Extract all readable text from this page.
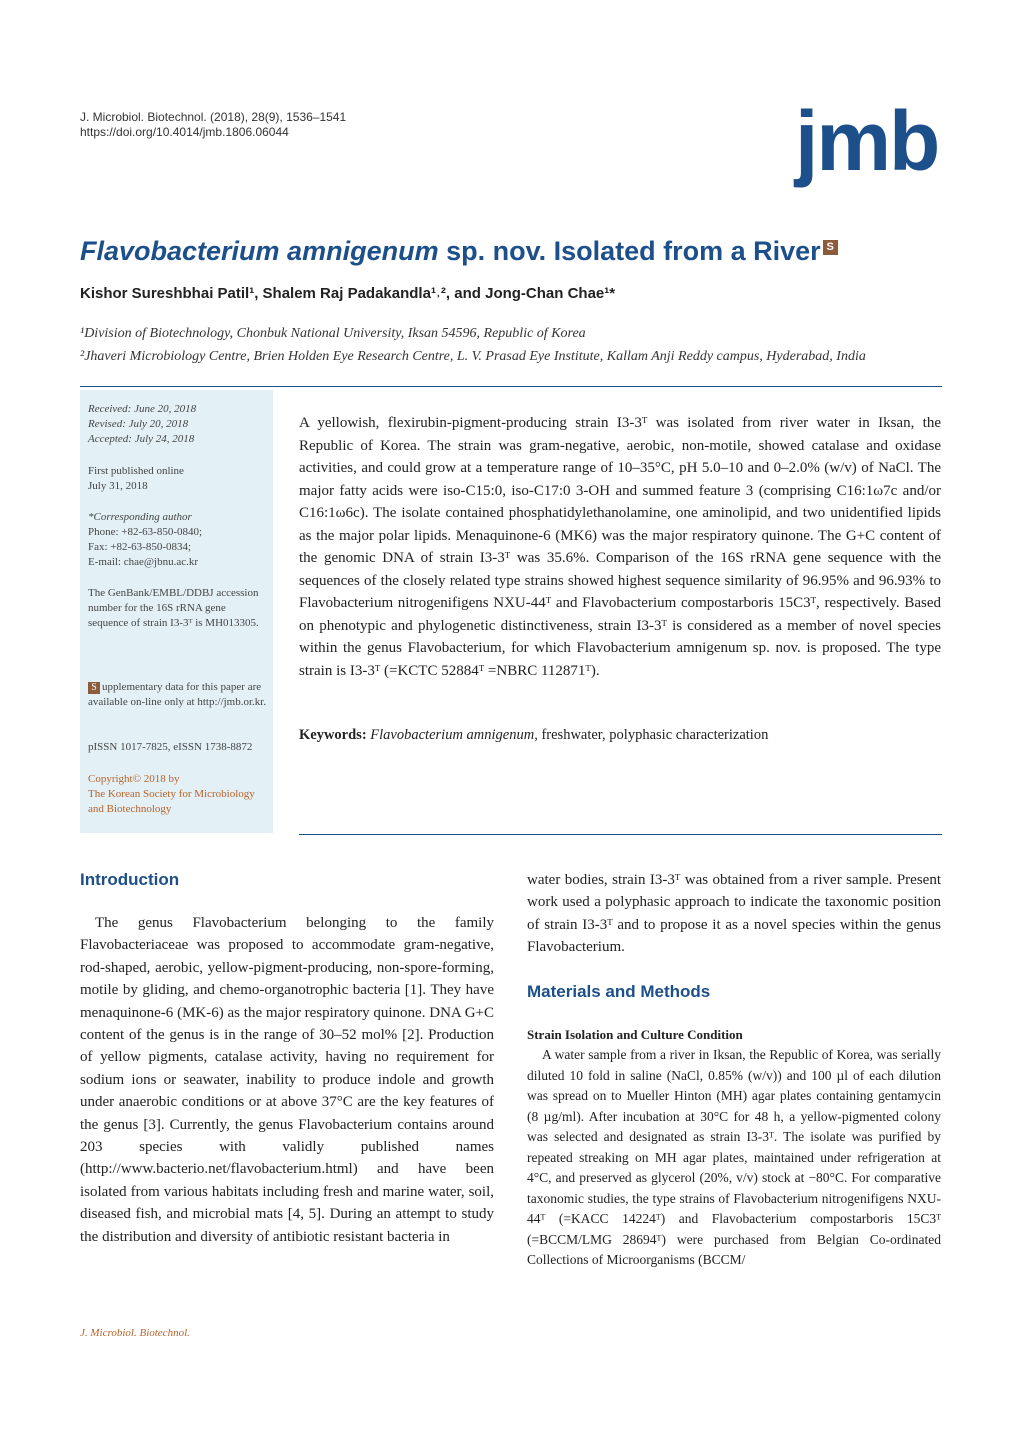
J. Microbiol. Biotechnol. (2018), 28(9), 1536–1541
https://doi.org/10.4014/jmb.1806.06044	jmb
Flavobacterium amnigenum sp. nov. Isolated from a River S
Kishor Sureshbhai Patil¹, Shalem Raj Padakandla¹˒², and Jong-Chan Chae¹*
¹Division of Biotechnology, Chonbuk National University, Iksan 54596, Republic of Korea
²Jhaveri Microbiology Centre, Brien Holden Eye Research Centre, L. V. Prasad Eye Institute, Kallam Anji Reddy campus, Hyderabad, India
Received: June 20, 2018
Revised: July 20, 2018
Accepted: July 24, 2018
First published online
July 31, 2018
*Corresponding author
Phone: +82-63-850-0840;
Fax: +82-63-850-0834;
E-mail: chae@jbnu.ac.kr
The GenBank/EMBL/DDBJ accession number for the 16S rRNA gene sequence of strain I3-3ᵀ is MH013305.
S upplementary data for this paper are available on-line only at http://jmb.or.kr.
pISSN 1017-7825, eISSN 1738-8872
Copyright© 2018 by
The Korean Society for Microbiology
and Biotechnology
A yellowish, flexirubin-pigment-producing strain I3-3ᵀ was isolated from river water in Iksan, the Republic of Korea. The strain was gram-negative, aerobic, non-motile, showed catalase and oxidase activities, and could grow at a temperature range of 10–35°C, pH 5.0–10 and 0–2.0% (w/v) of NaCl. The major fatty acids were iso-C15:0, iso-C17:0 3-OH and summed feature 3 (comprising C16:1ω7c and/or C16:1ω6c). The isolate contained phosphatidylethanolamine, one aminolipid, and two unidentified lipids as the major polar lipids. Menaquinone-6 (MK6) was the major respiratory quinone. The G+C content of the genomic DNA of strain I3-3ᵀ was 35.6%. Comparison of the 16S rRNA gene sequence with the sequences of the closely related type strains showed highest sequence similarity of 96.95% and 96.93% to Flavobacterium nitrogenifigens NXU-44ᵀ and Flavobacterium compostarboris 15C3ᵀ, respectively. Based on phenotypic and phylogenetic distinctiveness, strain I3-3ᵀ is considered as a member of novel species within the genus Flavobacterium, for which Flavobacterium amnigenum sp. nov. is proposed. The type strain is I3-3ᵀ (=KCTC 52884ᵀ =NBRC 112871ᵀ).
Keywords: Flavobacterium amnigenum, freshwater, polyphasic characterization
Introduction
The genus Flavobacterium belonging to the family Flavobacteriaceae was proposed to accommodate gram-negative, rod-shaped, aerobic, yellow-pigment-producing, non-spore-forming, motile by gliding, and chemo-organotrophic bacteria [1]. They have menaquinone-6 (MK-6) as the major respiratory quinone. DNA G+C content of the genus is in the range of 30–52 mol% [2]. Production of yellow pigments, catalase activity, having no requirement for sodium ions or seawater, inability to produce indole and growth under anaerobic conditions or at above 37°C are the key features of the genus [3]. Currently, the genus Flavobacterium contains around 203 species with validly published names (http://www.bacterio.net/flavobacterium.html) and have been isolated from various habitats including fresh and marine water, soil, diseased fish, and microbial mats [4, 5]. During an attempt to study the distribution and diversity of antibiotic resistant bacteria in
water bodies, strain I3-3ᵀ was obtained from a river sample. Present work used a polyphasic approach to indicate the taxonomic position of strain I3-3ᵀ and to propose it as a novel species within the genus Flavobacterium.
Materials and Methods
Strain Isolation and Culture Condition
A water sample from a river in Iksan, the Republic of Korea, was serially diluted 10 fold in saline (NaCl, 0.85% (w/v)) and 100 µl of each dilution was spread on to Mueller Hinton (MH) agar plates containing gentamycin (8 µg/ml). After incubation at 30°C for 48 h, a yellow-pigmented colony was selected and designated as strain I3-3ᵀ. The isolate was purified by repeated streaking on MH agar plates, maintained under refrigeration at 4°C, and preserved as glycerol (20%, v/v) stock at −80°C. For comparative taxonomic studies, the type strains of Flavobacterium nitrogenifigens NXU-44ᵀ (=KACC 14224ᵀ) and Flavobacterium compostarboris 15C3ᵀ (=BCCM/LMG 28694ᵀ) were purchased from Belgian Co-ordinated Collections of Microorganisms (BCCM/
J. Microbiol. Biotechnol.
